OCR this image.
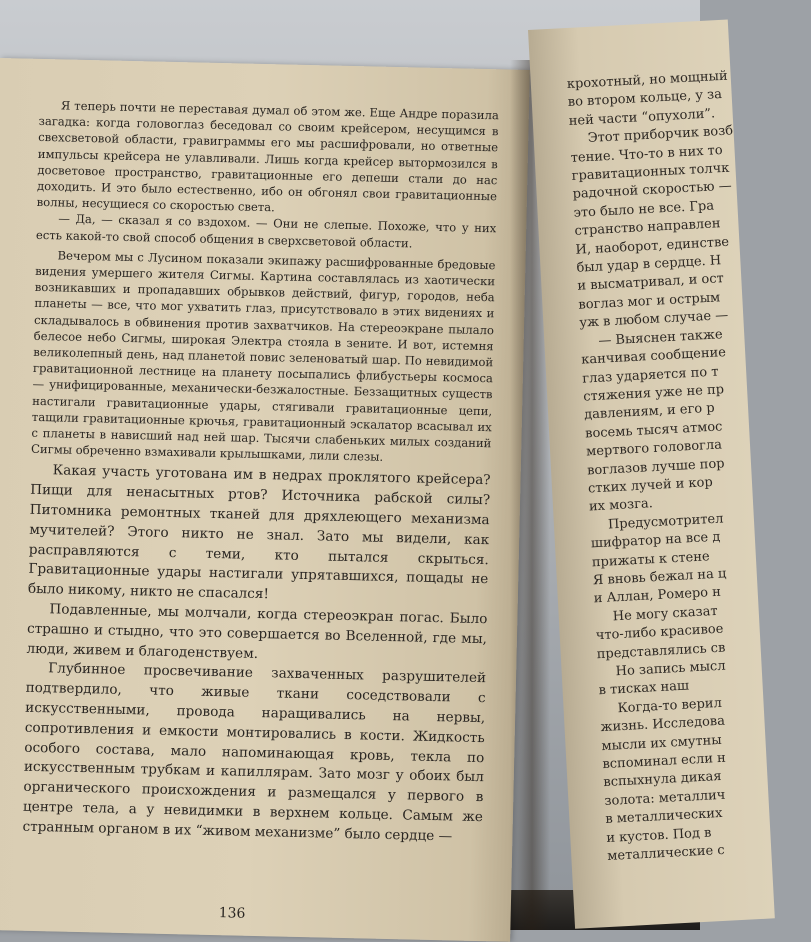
Я теперь почти не переставая думал об этом же. Еще Андре поразила загадка: когда головоглаз беседовал со своим крейсером, несущимся в свехсветовой области, гравиграммы его мы расшифровали, но ответные импульсы крейсера не улавливали. Лишь когда крейсер вытормозился в досветовое пространство, гравитационные его депеши стали до нас доходить. И это было естественно, ибо он обгонял свои гравитационные волны, несущиеся со скоростью света.

— Да, — сказал я со вздохом. — Они не слепые. Похоже, что у них есть какой-то свой способ общения в сверхсветовой области.

Вечером мы с Лусином показали экипажу расшифрованные бредовые видения умершего жителя Сигмы. Картина составлялась из хаотически возникавших и пропадавших обрывков действий, фигур, городов, неба планеты — все, что мог ухватить глаз, присутствовало в этих видениях и складывалось в обвинения против захватчиков. На стереоэкране пылало белесое небо Сигмы, широкая Электра стояла в зените. И вот, истемня великолепный день, над планетой повис зеленоватый шар. По невидимой гравитационной лестнице на планету посыпались флибустьеры космоса — унифицированные, механически-безжалостные. Беззащитных существ настигали гравитационные удары, стягивали гравитационные цепи, тащили гравитационные крючья, гравитационный эскалатор всасывал их с планеты в нависший над ней шар. Тысячи слабеньких милых созданий Сигмы обреченно взмахивали крылышками, лили слезы.

Какая участь уготована им в недрах проклятого крейсера? Пищи для ненасытных ртов? Источника рабской силы? Питомника ремонтных тканей для дряхлеющего механизма мучителей? Этого никто не знал. Зато мы видели, как расправляются с теми, кто пытался скрыться. Гравитационные удары настигали упрятавшихся, пощады не было никому, никто не спасался!

Подавленные, мы молчали, когда стереоэкран погас. Было страшно и стыдно, что это совершается во Вселенной, где мы, люди, живем и благоденствуем.

Глубинное просвечивание захваченных разрушителей подтвердило, что живые ткани соседствовали с искусственными, провода наращивались на нервы, сопротивления и емкости монтировались в кости. Жидкость особого состава, мало напоминающая кровь, текла по искусственным трубкам и капиллярам. Зато мозг у обоих был органического происхождения и размещался у первого в центре тела, а у невидимки в верхнем кольце. Самым же странным органом в их “живом механизме” было сердце —

136
крохотный, но мощный
во втором кольце, у за
ней части “опухоли”.
Этот приборчик возб
тение. Что-то в них то
гравитационных толчк
радочной скоростью —
это было не все. Гра
странство направлен
И, наоборот, единстве
был удар в сердце. Н
и высматривал, и ост
воглаз мог и острым
уж в любом случае —
— Выяснен также
канчивая сообщение
глаз ударяется по т
стяжения уже не пр
давлениям, и его р
восемь тысяч атмос
мертвого головогла
воглазов лучше пор
стких лучей и кор
их мозга.
Предусмотрител
шифратор на все д
прижаты к стене
Я вновь бежал на ц
и Аллан, Ромеро н
Не могу сказат
что-либо красивое
представлялись св
Но запись мысл
в тисках наш
Когда-то верил
жизнь. Исследова
мысли их смутны
вспоминал если н
вспыхнула дикая
золота: металлич
в металлических
и кустов. Под в
металлические с
